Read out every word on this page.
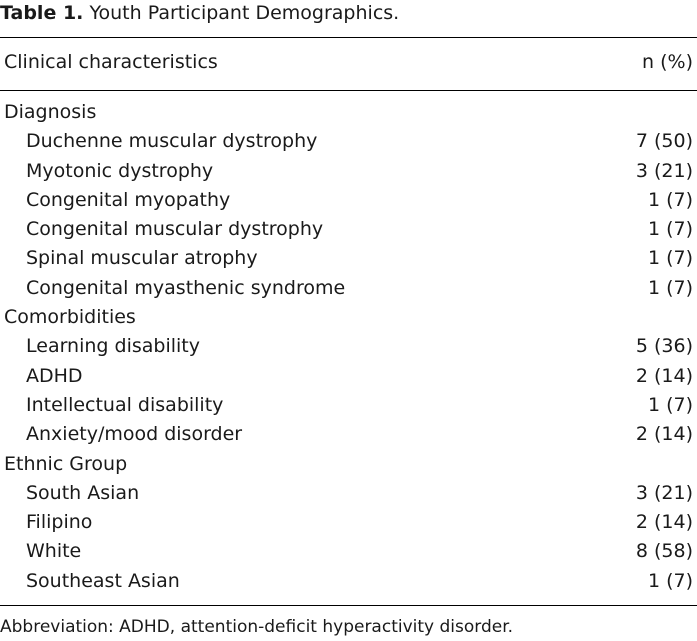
Table 1. Youth Participant Demographics.
Clinical characteristics	n (%)
Diagnosis
Duchenne muscular dystrophy	7 (50)
Myotonic dystrophy	3 (21)
Congenital myopathy	1 (7)
Congenital muscular dystrophy	1 (7)
Spinal muscular atrophy	1 (7)
Congenital myasthenic syndrome	1 (7)
Comorbidities
Learning disability	5 (36)
ADHD	2 (14)
Intellectual disability	1 (7)
Anxiety/mood disorder	2 (14)
Ethnic Group
South Asian	3 (21)
Filipino	2 (14)
White	8 (58)
Southeast Asian	1 (7)
Abbreviation: ADHD, attention-deficit hyperactivity disorder.
